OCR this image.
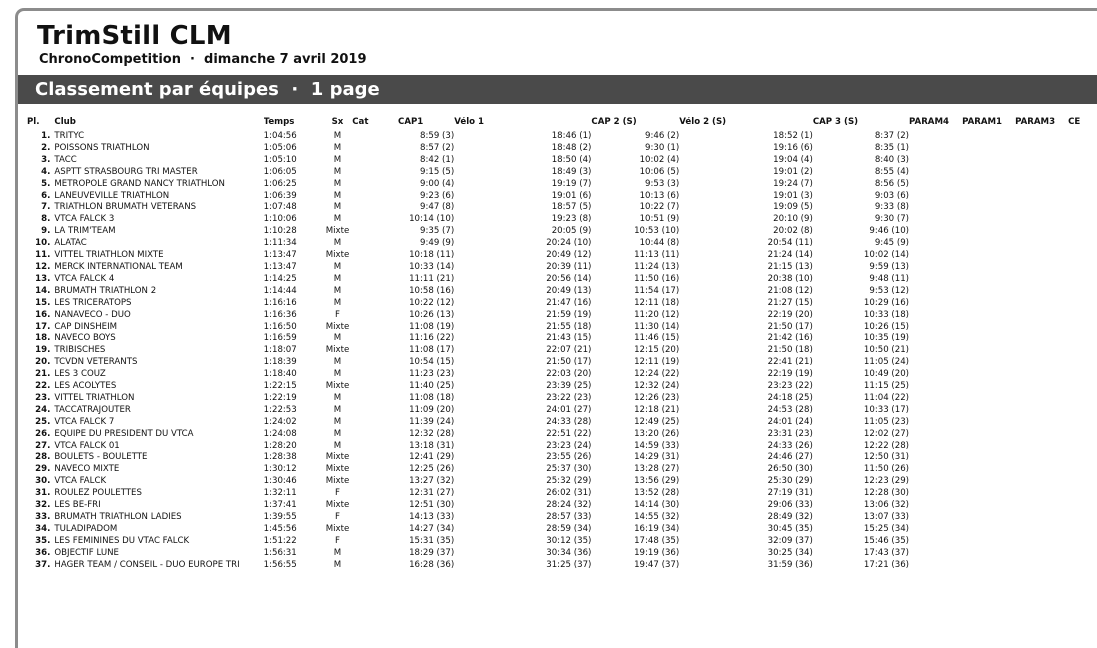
TrimStill CLM
ChronoCompetition  ·  dimanche 7 avril 2019
Classement par équipes  ·  1 page
Pl.	Club	Temps	Sx	Cat	CAP1	Vélo 1	CAP 2 (S)	Vélo 2 (S)	CAP 3 (S)	PARAM4	PARAM1	PARAM3	CE
1.	TRITYC	1:04:56	M		8:59 (3)	18:46 (1)	9:46 (2)	18:52 (1)	8:37 (2)				
2.	POISSONS TRIATHLON	1:05:06	M		8:57 (2)	18:48 (2)	9:30 (1)	19:16 (6)	8:35 (1)				
3.	TACC	1:05:10	M		8:42 (1)	18:50 (4)	10:02 (4)	19:04 (4)	8:40 (3)				
4.	ASPTT STRASBOURG TRI MASTER	1:06:05	M		9:15 (5)	18:49 (3)	10:06 (5)	19:01 (2)	8:55 (4)				
5.	METROPOLE GRAND NANCY TRIATHLON	1:06:25	M		9:00 (4)	19:19 (7)	9:53 (3)	19:24 (7)	8:56 (5)				
6.	LANEUVEVILLE TRIATHLON	1:06:39	M		9:23 (6)	19:01 (6)	10:13 (6)	19:01 (3)	9:03 (6)				
7.	TRIATHLON BRUMATH VÉTÉRANS	1:07:48	M		9:47 (8)	18:57 (5)	10:22 (7)	19:09 (5)	9:33 (8)				
8.	VTCA FALCK 3	1:10:06	M		10:14 (10)	19:23 (8)	10:51 (9)	20:10 (9)	9:30 (7)				
9.	LA TRIM'TEAM	1:10:28	Mixte		9:35 (7)	20:05 (9)	10:53 (10)	20:02 (8)	9:46 (10)				
10.	ALATAC	1:11:34	M		9:49 (9)	20:24 (10)	10:44 (8)	20:54 (11)	9:45 (9)				
11.	VITTEL TRIATHLON MIXTE	1:13:47	Mixte		10:18 (11)	20:49 (12)	11:13 (11)	21:24 (14)	10:02 (14)				
12.	MERCK INTERNATIONAL TEAM	1:13:47	M		10:33 (14)	20:39 (11)	11:24 (13)	21:15 (13)	9:59 (13)				
13.	VTCA FALCK 4	1:14:25	M		11:11 (21)	20:56 (14)	11:50 (16)	20:38 (10)	9:48 (11)				
14.	BRUMATH TRIATHLON 2	1:14:44	M		10:58 (16)	20:49 (13)	11:54 (17)	21:08 (12)	9:53 (12)				
15.	LES TRICERATOPS	1:16:16	M		10:22 (12)	21:47 (16)	12:11 (18)	21:27 (15)	10:29 (16)				
16.	NANAVECO - DUO	1:16:36	F		10:26 (13)	21:59 (19)	11:20 (12)	22:19 (20)	10:33 (18)				
17.	CAP DINSHEIM	1:16:50	Mixte		11:08 (19)	21:55 (18)	11:30 (14)	21:50 (17)	10:26 (15)				
18.	NAVECO BOYS	1:16:59	M		11:16 (22)	21:43 (15)	11:46 (15)	21:42 (16)	10:35 (19)				
19.	TRIBISCHES	1:18:07	Mixte		11:08 (17)	22:07 (21)	12:15 (20)	21:50 (18)	10:50 (21)				
20.	TCVDN VETERANTS	1:18:39	M		10:54 (15)	21:50 (17)	12:11 (19)	22:41 (21)	11:05 (24)				
21.	LES 3 COUZ	1:18:40	M		11:23 (23)	22:03 (20)	12:24 (22)	22:19 (19)	10:49 (20)				
22.	LES ACOLYTES	1:22:15	Mixte		11:40 (25)	23:39 (25)	12:32 (24)	23:23 (22)	11:15 (25)				
23.	VITTEL TRIATHLON	1:22:19	M		11:08 (18)	23:22 (23)	12:26 (23)	24:18 (25)	11:04 (22)				
24.	TACCATRAJOUTER	1:22:53	M		11:09 (20)	24:01 (27)	12:18 (21)	24:53 (28)	10:33 (17)				
25.	VTCA FALCK 7	1:24:02	M		11:39 (24)	24:33 (28)	12:49 (25)	24:01 (24)	11:05 (23)				
26.	EQUIPE DU PRESIDENT DU VTCA	1:24:08	M		12:32 (28)	22:51 (22)	13:20 (26)	23:31 (23)	12:02 (27)				
27.	VTCA FALCK 01	1:28:20	M		13:18 (31)	23:23 (24)	14:59 (33)	24:33 (26)	12:22 (28)				
28.	BOULETS - BOULETTE	1:28:38	Mixte		12:41 (29)	23:55 (26)	14:29 (31)	24:46 (27)	12:50 (31)				
29.	NAVECO MIXTE	1:30:12	Mixte		12:25 (26)	25:37 (30)	13:28 (27)	26:50 (30)	11:50 (26)				
30.	VTCA FALCK	1:30:46	Mixte		13:27 (32)	25:32 (29)	13:56 (29)	25:30 (29)	12:23 (29)				
31.	ROULEZ POULETTES	1:32:11	F		12:31 (27)	26:02 (31)	13:52 (28)	27:19 (31)	12:28 (30)				
32.	LES BE-FRI	1:37:41	Mixte		12:51 (30)	28:24 (32)	14:14 (30)	29:06 (33)	13:06 (32)				
33.	BRUMATH TRIATHLON LADIES	1:39:55	F		14:13 (33)	28:57 (33)	14:55 (32)	28:49 (32)	13:07 (33)				
34.	TULADIPADOM	1:45:56	Mixte		14:27 (34)	28:59 (34)	16:19 (34)	30:45 (35)	15:25 (34)				
35.	LES FEMININES DU VTAC FALCK	1:51:22	F		15:31 (35)	30:12 (35)	17:48 (35)	32:09 (37)	15:46 (35)				
36.	OBJECTIF LUNE	1:56:31	M		18:29 (37)	30:34 (36)	19:19 (36)	30:25 (34)	17:43 (37)				
37.	HAGER TEAM / CONSEIL - DUO EUROPE TRI	1:56:55	M		16:28 (36)	31:25 (37)	19:47 (37)	31:59 (36)	17:21 (36)				
